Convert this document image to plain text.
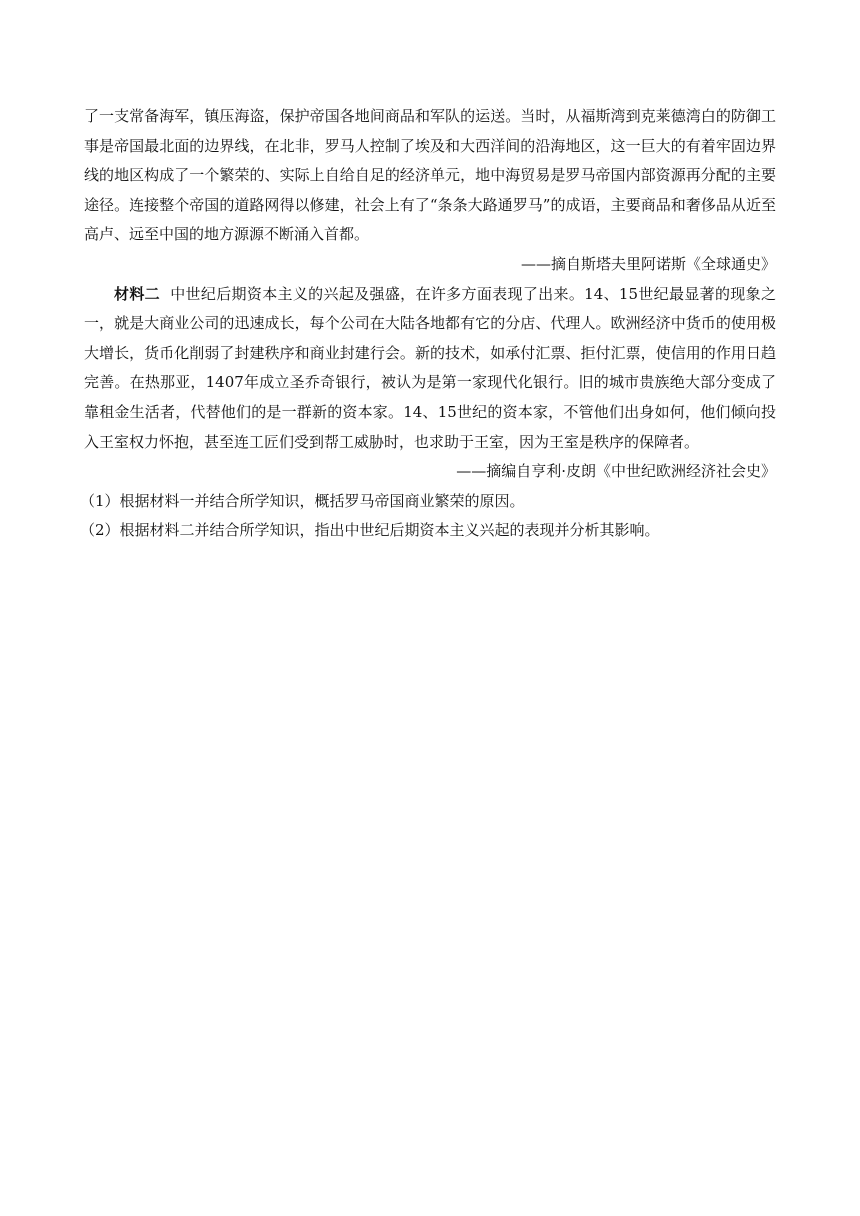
了一支常备海军，镇压海盗，保护帝国各地间商品和军队的运送。当时，从福斯湾到克莱德湾白的防御工事是帝国最北面的边界线，在北非，罗马人控制了埃及和大西洋间的沿海地区，这一巨大的有着牢固边界线的地区构成了一个繁荣的、实际上自给自足的经济单元，地中海贸易是罗马帝国内部资源再分配的主要途径。连接整个帝国的道路网得以修建，社会上有了“条条大路通罗马”的成语，主要商品和奢侈品从近至高卢、远至中国的地方源源不断涌入首都。

——摘自斯塔夫里阿诺斯《全球通史》

材料二 中世纪后期资本主义的兴起及强盛，在许多方面表现了出来。14、15世纪最显著的现象之一，就是大商业公司的迅速成长，每个公司在大陆各地都有它的分店、代理人。欧洲经济中货币的使用极大增长，货币化削弱了封建秩序和商业封建行会。新的技术，如承付汇票、拒付汇票，使信用的作用日趋完善。在热那亚，1407年成立圣乔奇银行，被认为是第一家现代化银行。旧的城市贵族绝大部分变成了靠租金生活者，代替他们的是一群新的资本家。14、15世纪的资本家，不管他们出身如何，他们倾向投入王室权力怀抱，甚至连工匠们受到帮工威胁时，也求助于王室，因为王室是秩序的保障者。

——摘编自亨利·皮朗《中世纪欧洲经济社会史》

（1）根据材料一并结合所学知识，概括罗马帝国商业繁荣的原因。

（2）根据材料二并结合所学知识，指出中世纪后期资本主义兴起的表现并分析其影响。
